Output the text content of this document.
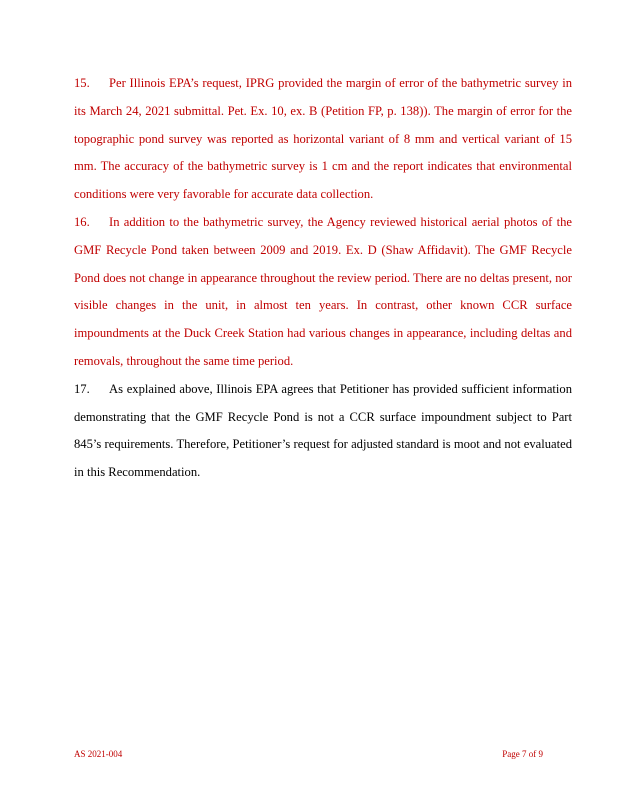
15. Per Illinois EPA’s request, IPRG provided the margin of error of the bathymetric survey in its March 24, 2021 submittal. Pet. Ex. 10, ex. B (Petition FP, p. 138)). The margin of error for the topographic pond survey was reported as horizontal variant of 8 mm and vertical variant of 15 mm. The accuracy of the bathymetric survey is 1 cm and the report indicates that environmental conditions were very favorable for accurate data collection.

16. In addition to the bathymetric survey, the Agency reviewed historical aerial photos of the GMF Recycle Pond taken between 2009 and 2019. Ex. D (Shaw Affidavit). The GMF Recycle Pond does not change in appearance throughout the review period. There are no deltas present, nor visible changes in the unit, in almost ten years. In contrast, other known CCR surface impoundments at the Duck Creek Station had various changes in appearance, including deltas and removals, throughout the same time period.

17. As explained above, Illinois EPA agrees that Petitioner has provided sufficient information demonstrating that the GMF Recycle Pond is not a CCR surface impoundment subject to Part 845’s requirements. Therefore, Petitioner’s request for adjusted standard is moot and not evaluated in this Recommendation.

AS 2021-004	Page 7 of 9
